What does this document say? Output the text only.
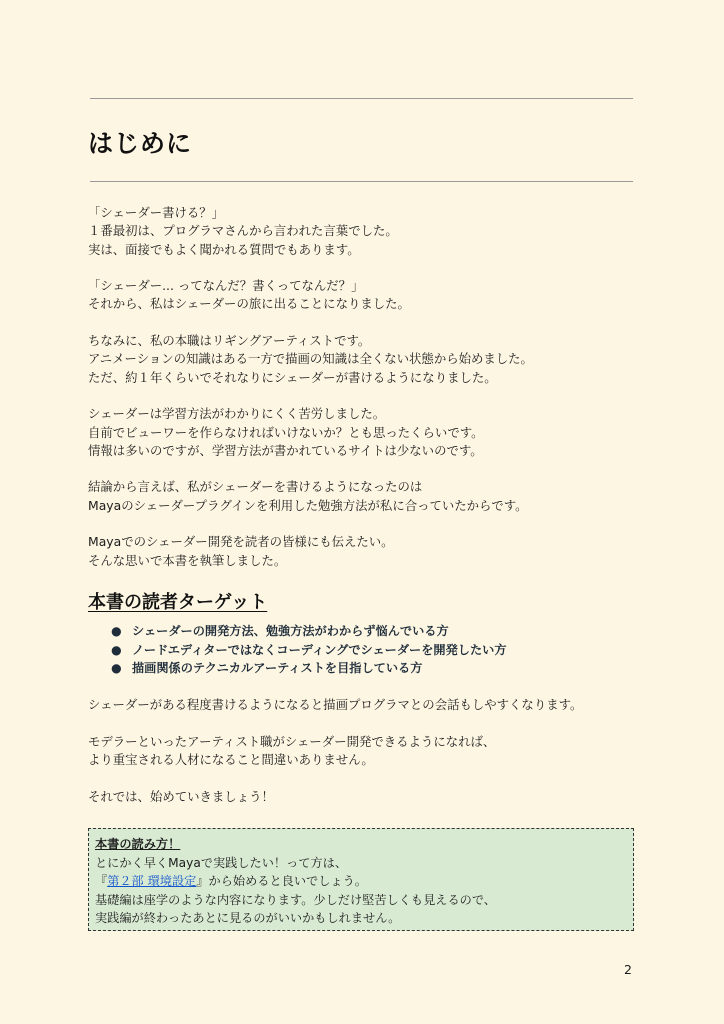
はじめに

「シェーダー書ける？」
１番最初は、プログラマさんから言われた言葉でした。
実は、面接でもよく聞かれる質問でもあります。

「シェーダー... ってなんだ？書くってなんだ？」
それから、私はシェーダーの旅に出ることになりました。

ちなみに、私の本職はリギングアーティストです。
アニメーションの知識はある一方で描画の知識は全くない状態から始めました。
ただ、約１年くらいでそれなりにシェーダーが書けるようになりました。

シェーダーは学習方法がわかりにくく苦労しました。
自前でビューワーを作らなければいけないか？とも思ったくらいです。
情報は多いのですが、学習方法が書かれているサイトは少ないのです。

結論から言えば、私がシェーダーを書けるようになったのは
Mayaのシェーダープラグインを利用した勉強方法が私に合っていたからです。

Mayaでのシェーダー開発を読者の皆様にも伝えたい。
そんな思いで本書を執筆しました。

本書の読者ターゲット
● シェーダーの開発方法、勉強方法がわからず悩んでいる方
● ノードエディターではなくコーディングでシェーダーを開発したい方
● 描画関係のテクニカルアーティストを目指している方

シェーダーがある程度書けるようになると描画プログラマとの会話もしやすくなります。

モデラーといったアーティスト職がシェーダー開発できるようになれば、
より重宝される人材になること間違いありません。

それでは、始めていきましょう！

本書の読み方！
とにかく早くMayaで実践したい！って方は、
『第２部 環境設定』から始めると良いでしょう。
基礎編は座学のような内容になります。少しだけ堅苦しくも見えるので、
実践編が終わったあとに見るのがいいかもしれません。
2
